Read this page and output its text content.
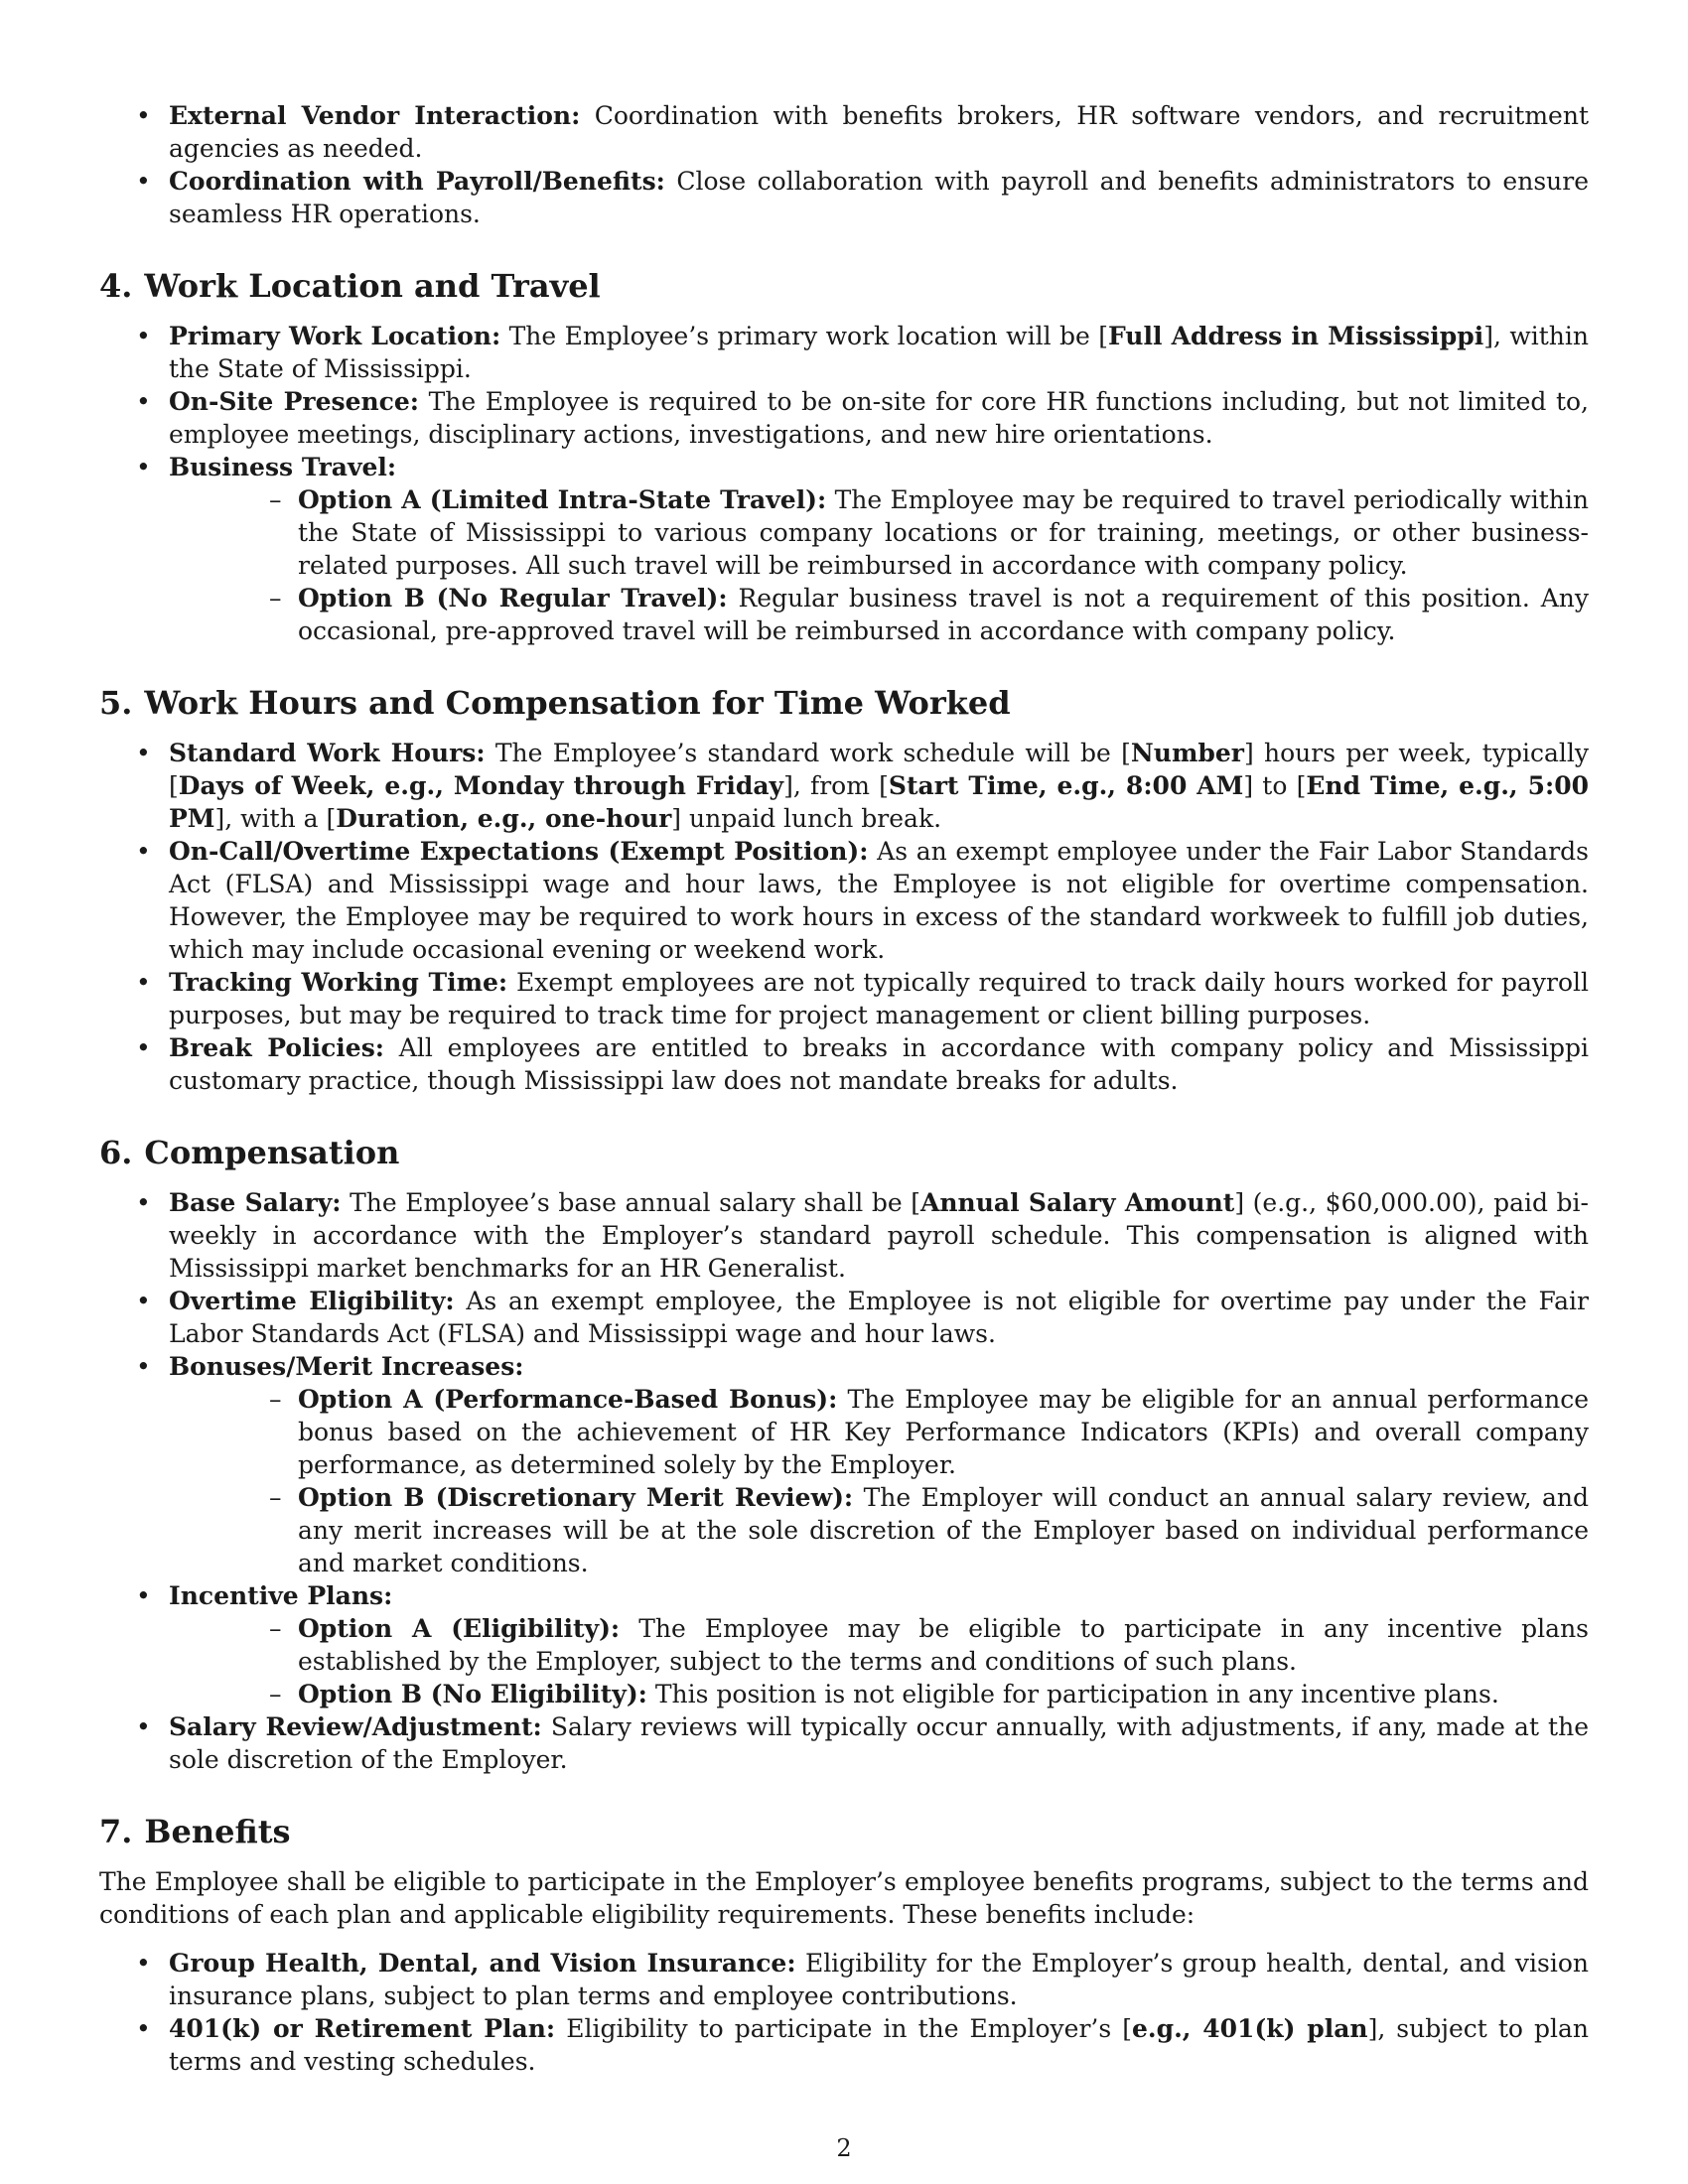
• External Vendor Interaction: Coordination with benefits brokers, HR software vendors, and recruitment agencies as needed.
• Coordination with Payroll/Benefits: Close collaboration with payroll and benefits administrators to ensure seamless HR operations.
4. Work Location and Travel
• Primary Work Location: The Employee’s primary work location will be [Full Address in Mississippi], within the State of Mississippi.
• On-Site Presence: The Employee is required to be on-site for core HR functions including, but not limited to, employee meetings, disciplinary actions, investigations, and new hire orientations.
• Business Travel:
– Option A (Limited Intra-State Travel): The Employee may be required to travel periodically within the State of Mississippi to various company locations or for training, meetings, or other business-related purposes. All such travel will be reimbursed in accordance with company policy.
– Option B (No Regular Travel): Regular business travel is not a requirement of this position. Any occasional, pre-approved travel will be reimbursed in accordance with company policy.
5. Work Hours and Compensation for Time Worked
• Standard Work Hours: The Employee’s standard work schedule will be [Number] hours per week, typically [Days of Week, e.g., Monday through Friday], from [Start Time, e.g., 8:00 AM] to [End Time, e.g., 5:00 PM], with a [Duration, e.g., one-hour] unpaid lunch break.
• On-Call/Overtime Expectations (Exempt Position): As an exempt employee under the Fair Labor Standards Act (FLSA) and Mississippi wage and hour laws, the Employee is not eligible for overtime compensation. However, the Employee may be required to work hours in excess of the standard workweek to fulfill job duties, which may include occasional evening or weekend work.
• Tracking Working Time: Exempt employees are not typically required to track daily hours worked for payroll purposes, but may be required to track time for project management or client billing purposes.
• Break Policies: All employees are entitled to breaks in accordance with company policy and Mississippi customary practice, though Mississippi law does not mandate breaks for adults.
6. Compensation
• Base Salary: The Employee’s base annual salary shall be [Annual Salary Amount] (e.g., $60,000.00), paid bi-weekly in accordance with the Employer’s standard payroll schedule. This compensation is aligned with Mississippi market benchmarks for an HR Generalist.
• Overtime Eligibility: As an exempt employee, the Employee is not eligible for overtime pay under the Fair Labor Standards Act (FLSA) and Mississippi wage and hour laws.
• Bonuses/Merit Increases:
– Option A (Performance-Based Bonus): The Employee may be eligible for an annual performance bonus based on the achievement of HR Key Performance Indicators (KPIs) and overall company performance, as determined solely by the Employer.
– Option B (Discretionary Merit Review): The Employer will conduct an annual salary review, and any merit increases will be at the sole discretion of the Employer based on individual performance and market conditions.
• Incentive Plans:
– Option A (Eligibility): The Employee may be eligible to participate in any incentive plans established by the Employer, subject to the terms and conditions of such plans.
– Option B (No Eligibility): This position is not eligible for participation in any incentive plans.
• Salary Review/Adjustment: Salary reviews will typically occur annually, with adjustments, if any, made at the sole discretion of the Employer.
7. Benefits

The Employee shall be eligible to participate in the Employer’s employee benefits programs, subject to the terms and conditions of each plan and applicable eligibility requirements. These benefits include:

• Group Health, Dental, and Vision Insurance: Eligibility for the Employer’s group health, dental, and vision insurance plans, subject to plan terms and employee contributions.
• 401(k) or Retirement Plan: Eligibility to participate in the Employer’s [e.g., 401(k) plan], subject to plan terms and vesting schedules.
2
